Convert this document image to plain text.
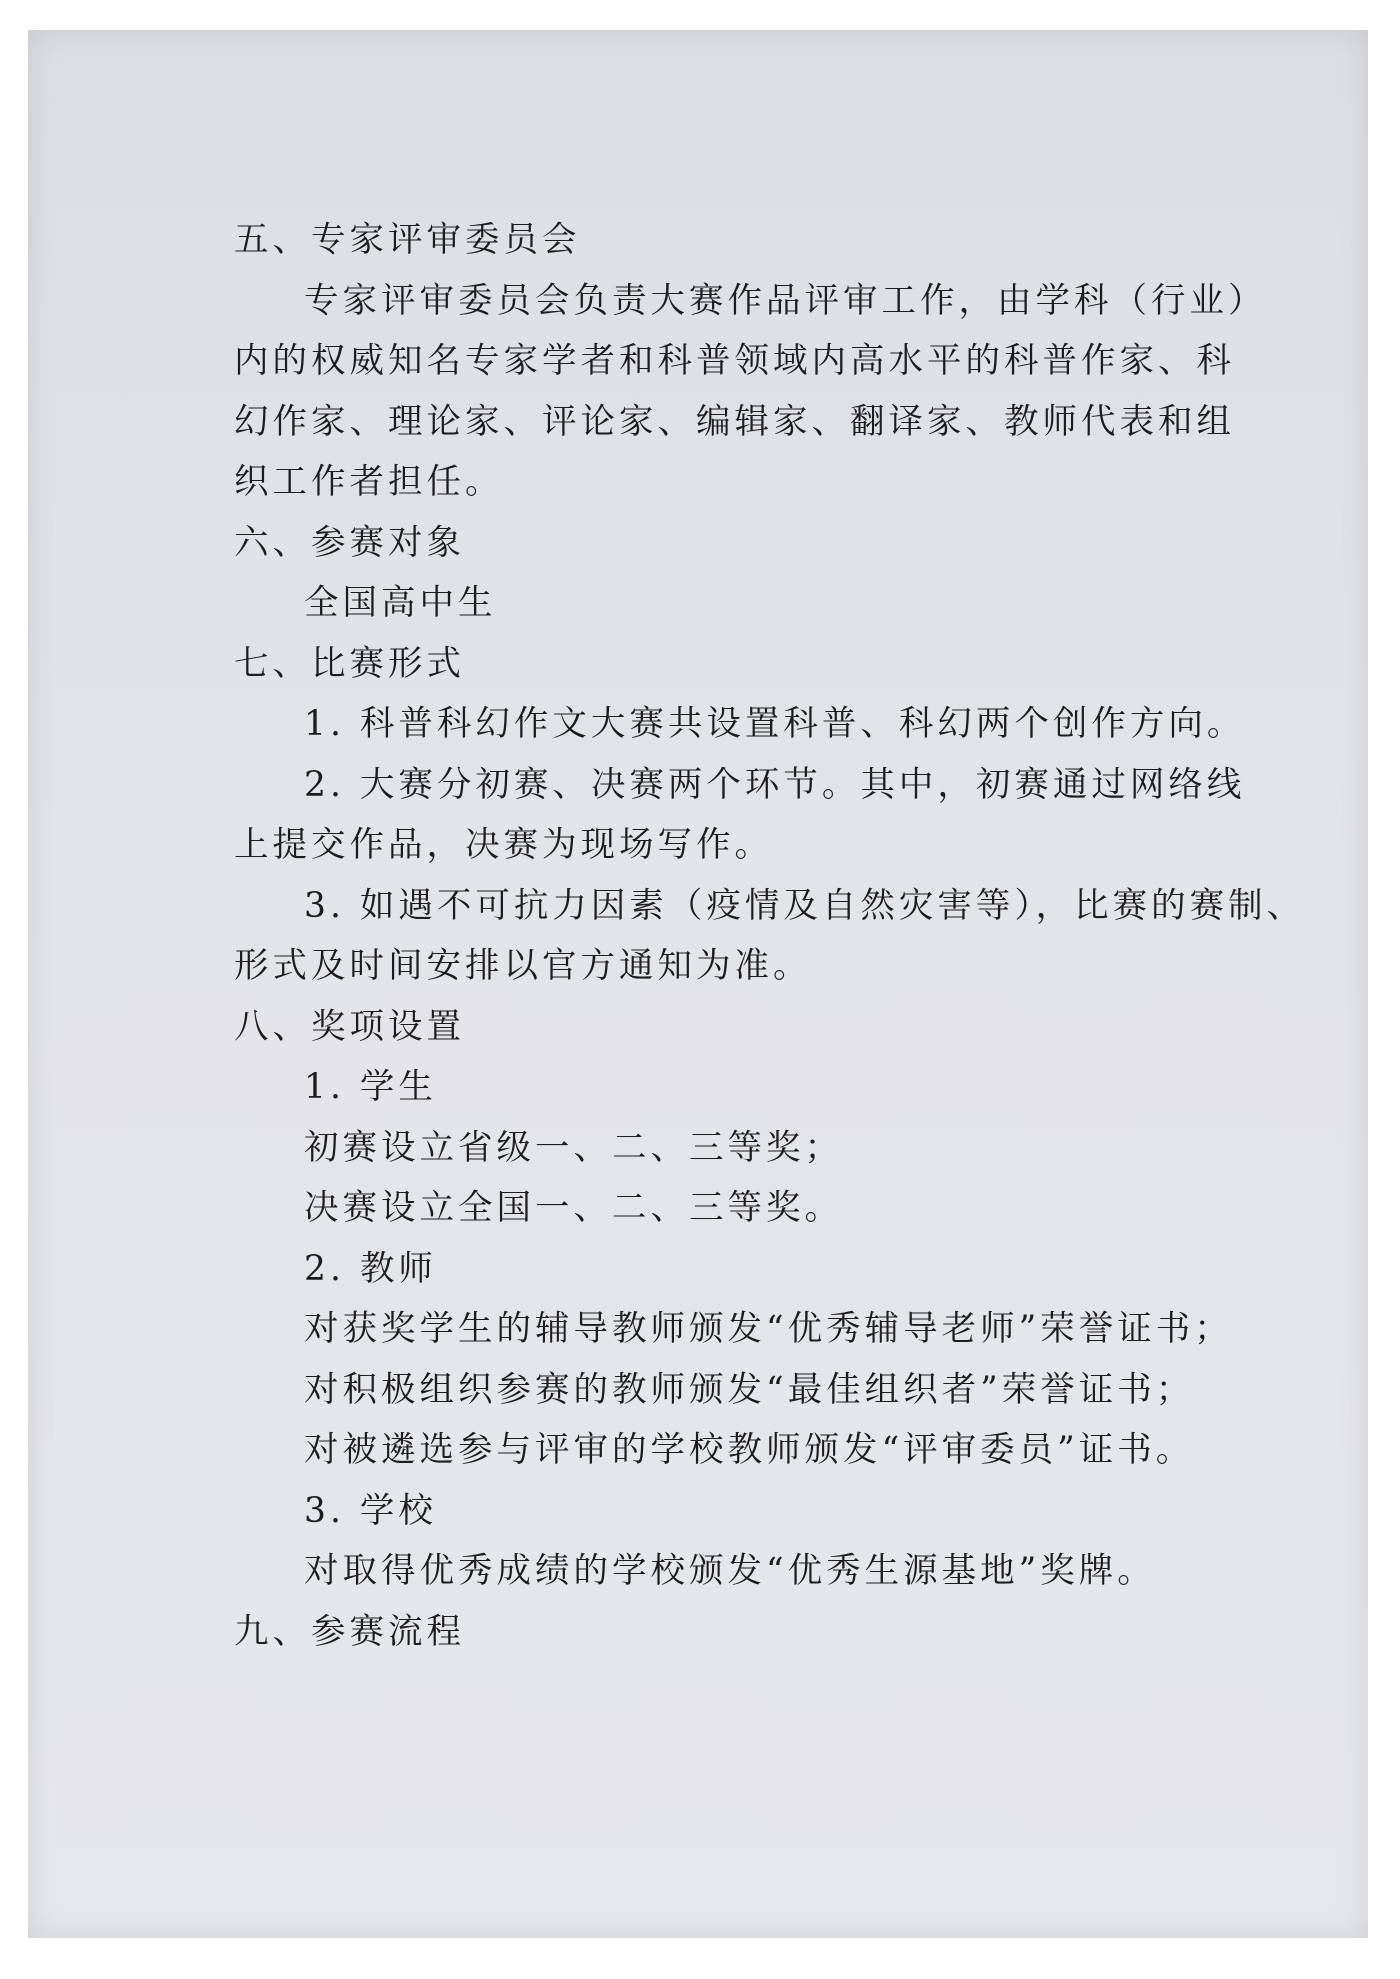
五、专家评审委员会
专家评审委员会负责大赛作品评审工作，由学科（行业）
内的权威知名专家学者和科普领域内高水平的科普作家、科
幻作家、理论家、评论家、编辑家、翻译家、教师代表和组
织工作者担任。
六、参赛对象
全国高中生
七、比赛形式
1. 科普科幻作文大赛共设置科普、科幻两个创作方向。
2. 大赛分初赛、决赛两个环节。其中，初赛通过网络线
上提交作品，决赛为现场写作。
3. 如遇不可抗力因素（疫情及自然灾害等），比赛的赛制、
形式及时间安排以官方通知为准。
八、奖项设置
1. 学生
初赛设立省级一、二、三等奖；
决赛设立全国一、二、三等奖。
2. 教师
对获奖学生的辅导教师颁发“优秀辅导老师”荣誉证书；
对积极组织参赛的教师颁发“最佳组织者”荣誉证书；
对被遴选参与评审的学校教师颁发“评审委员”证书。
3. 学校
对取得优秀成绩的学校颁发“优秀生源基地”奖牌。
九、参赛流程
